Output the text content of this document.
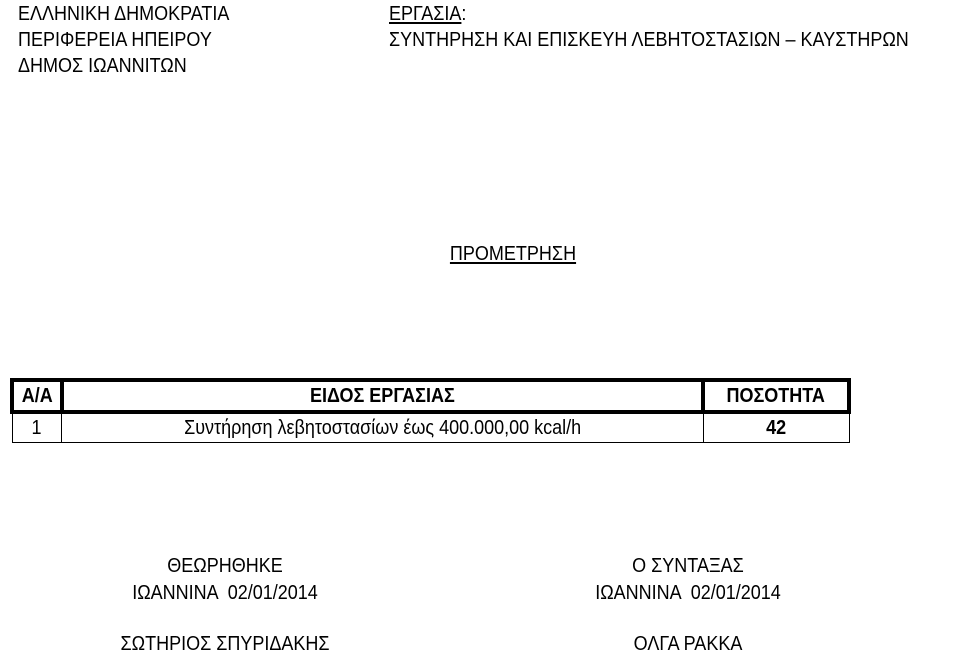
ΕΛΛΗΝΙΚΗ ΔΗΜΟΚΡΑΤΙΑ
ΠΕΡΙΦΕΡΕΙΑ ΗΠΕΙΡΟΥ
ΔΗΜΟΣ ΙΩΑΝΝΙΤΩΝ
ΕΡΓΑΣΙΑ:
ΣΥΝΤΗΡΗΣΗ ΚΑΙ ΕΠΙΣΚΕΥΗ ΛΕΒΗΤΟΣΤΑΣΙΩΝ – ΚΑΥΣΤΗΡΩΝ
ΠΡΟΜΕΤΡΗΣΗ
Α/Α	ΕΙΔΟΣ ΕΡΓΑΣΙΑΣ	ΠΟΣΟΤΗΤΑ
1	Συντήρηση λεβητοστασίων έως 400.000,00 kcal/h	42
ΘΕΩΡΗΘΗΚΕ
ΙΩΑΝΝΙΝΑ  02/01/2014
ΣΩΤΗΡΙΟΣ ΣΠΥΡΙΔΑΚΗΣ
Ο ΣΥΝΤΑΞΑΣ
ΙΩΑΝΝΙΝΑ  02/01/2014
ΟΛΓΑ ΡΑΚΚΑ
